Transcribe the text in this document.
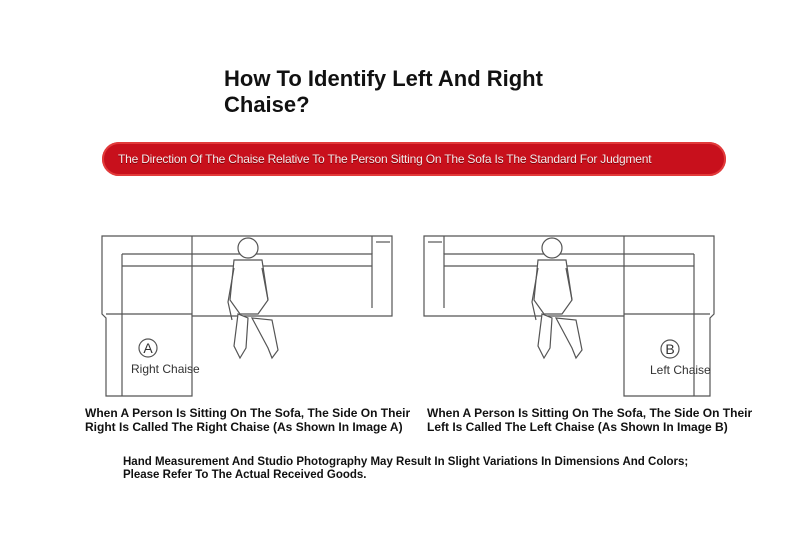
How To Identify Left And Right Chaise?
The Direction Of The Chaise Relative To The Person Sitting On The Sofa Is The Standard For Judgment
A
Right Chaise
B
Left Chaise
When A Person Is Sitting On The Sofa, The Side On Their
Right Is Called The Right Chaise (As Shown In Image A)
When A Person Is Sitting On The Sofa, The Side On Their
Left Is Called The Left Chaise (As Shown In Image B)
Hand Measurement And Studio Photography May Result In Slight Variations In Dimensions And Colors;
Please Refer To The Actual Received Goods.
